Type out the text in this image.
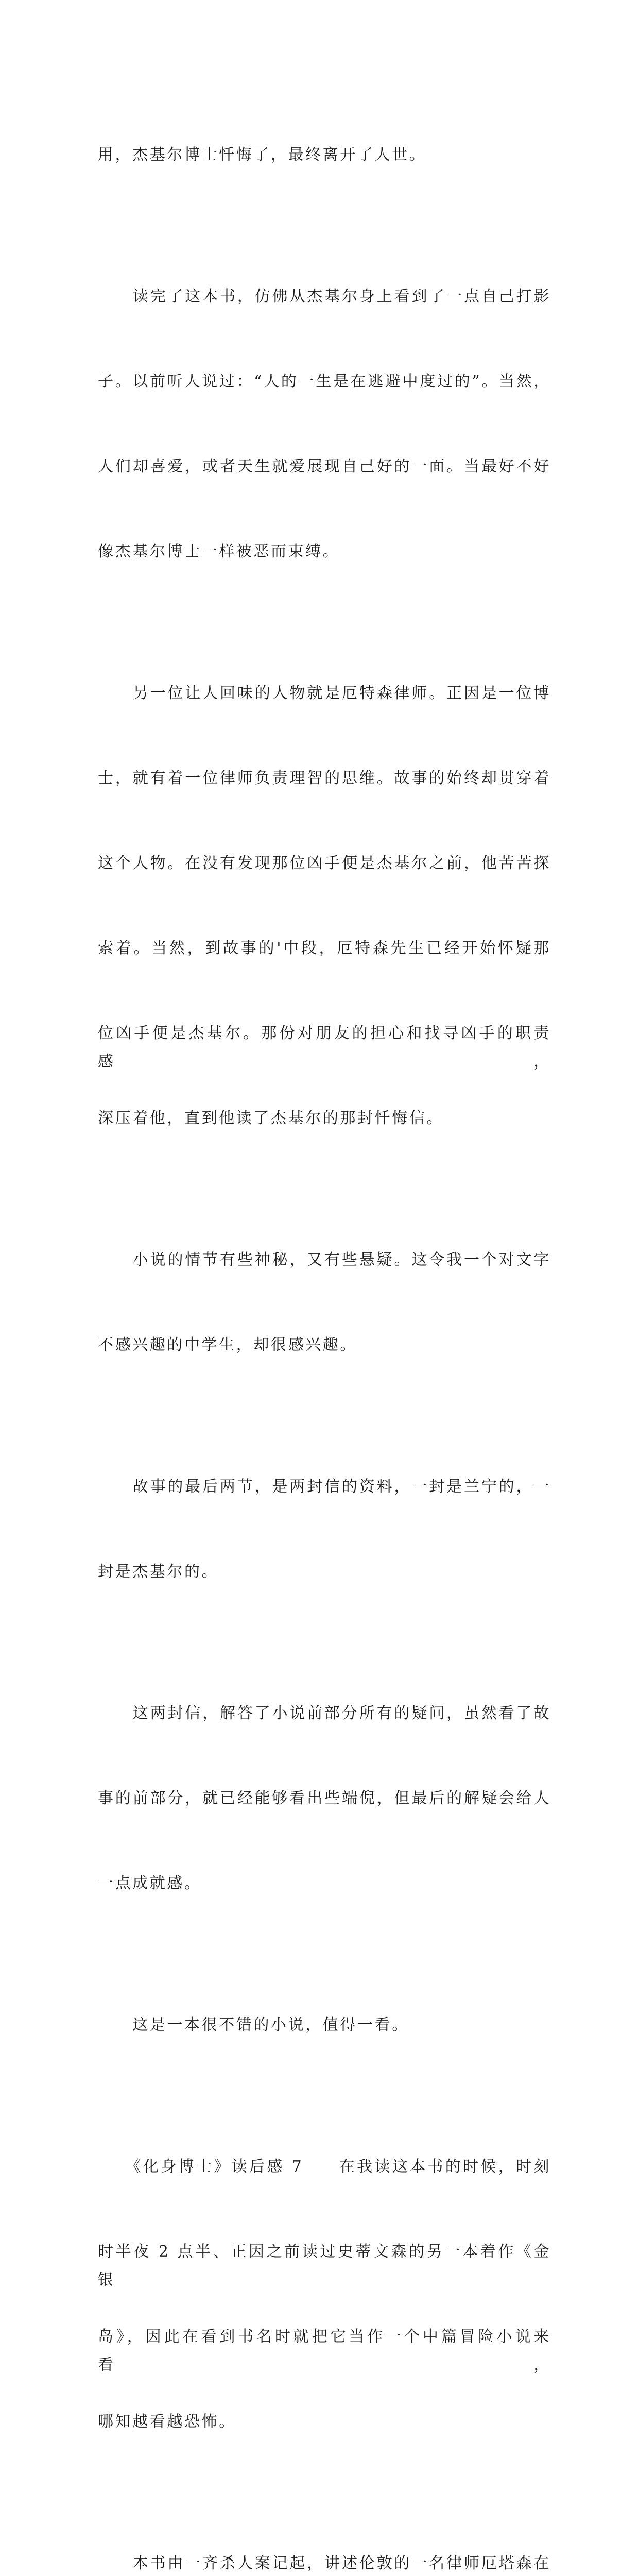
用，杰基尔博士忏悔了，最终离开了人世。

　　读完了这本书，仿佛从杰基尔身上看到了一点自己打影

子。以前听人说过：“人的一生是在逃避中度过的”。当然，

人们却喜爱，或者天生就爱展现自己好的一面。当最好不好

像杰基尔博士一样被恶而束缚。

　　另一位让人回味的人物就是厄特森律师。正因是一位博

士，就有着一位律师负责理智的思维。故事的始终却贯穿着

这个人物。在没有发现那位凶手便是杰基尔之前，他苦苦探

索着。当然，到故事的'中段，厄特森先生已经开始怀疑那

位凶手便是杰基尔。那份对朋友的担心和找寻凶手的职责感，

深压着他，直到他读了杰基尔的那封忏悔信。

　　小说的情节有些神秘，又有些悬疑。这令我一个对文字

不感兴趣的中学生，却很感兴趣。

　　故事的最后两节，是两封信的资料，一封是兰宁的，一

封是杰基尔的。

　　这两封信，解答了小说前部分所有的疑问，虽然看了故

事的前部分，就已经能够看出些端倪，但最后的解疑会给人

一点成就感。

　　这是一本很不错的小说，值得一看。

　　《化身博士》读后感 7　　在我读这本书的时候，时刻

时半夜 2 点半、正因之前读过史蒂文森的另一本着作《金银

岛》，因此在看到书名时就把它当作一个中篇冒险小说来看，

哪知越看越恐怖。

　　本书由一齐杀人案记起，讲述伦敦的一名律师厄塔森在
